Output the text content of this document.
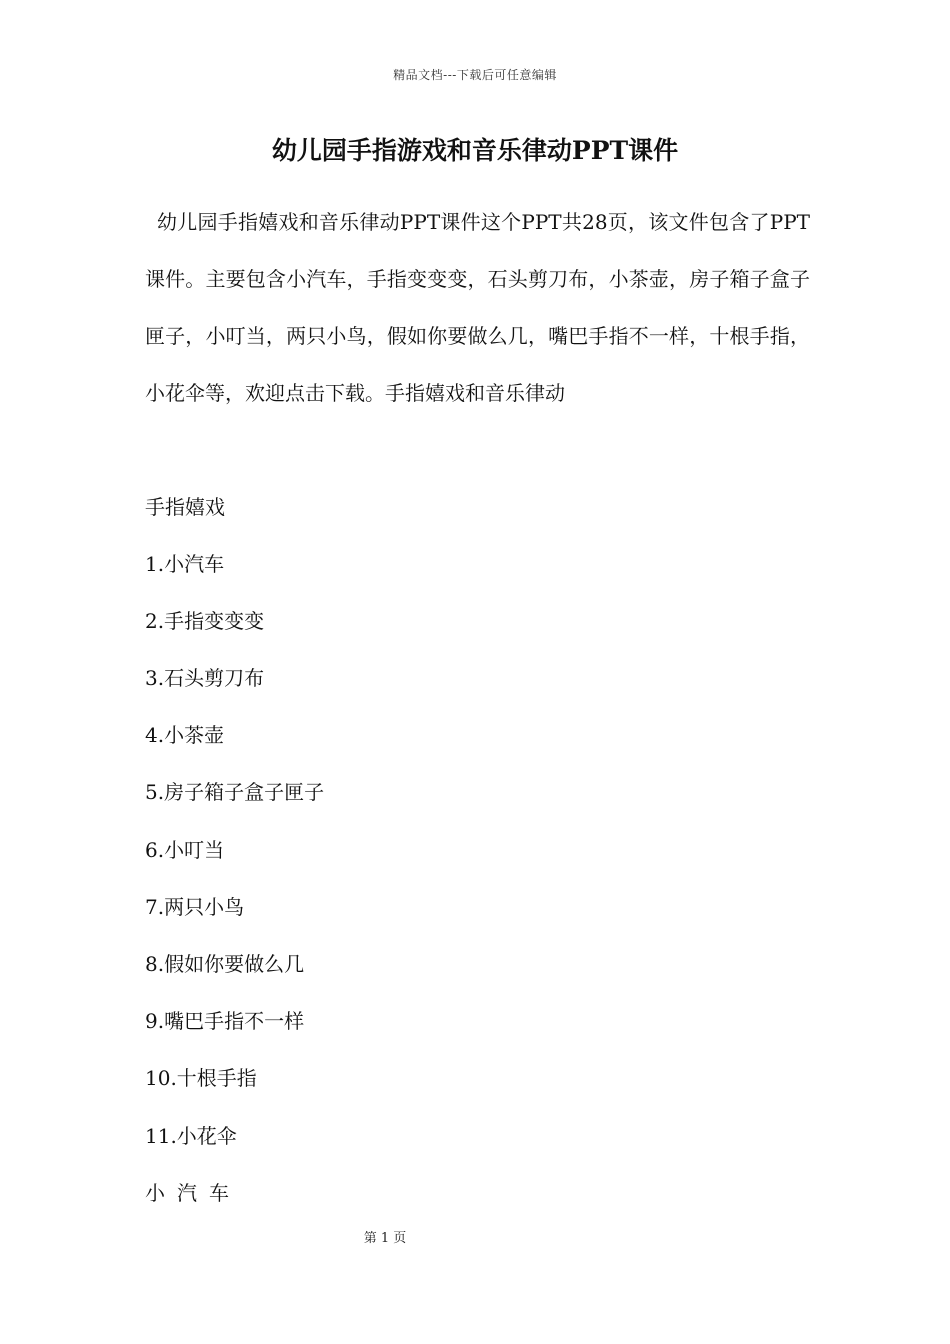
精品文档---下载后可任意编辑
幼儿园手指游戏和音乐律动PPT课件

幼儿园手指嬉戏和音乐律动PPT课件这个PPT共28页，该文件包含了PPT课件。主要包含小汽车，手指变变变，石头剪刀布，小茶壶，房子箱子盒子匣子，小叮当，两只小鸟，假如你要做么几，嘴巴手指不一样，十根手指，小花伞等，欢迎点击下载。手指嬉戏和音乐律动

手指嬉戏
1.小汽车
2.手指变变变
3.石头剪刀布
4.小茶壶
5.房子箱子盒子匣子
6.小叮当
7.两只小鸟
8.假如你要做么几
9.嘴巴手指不一样
10.十根手指
11.小花伞
小汽车
第 1 页
